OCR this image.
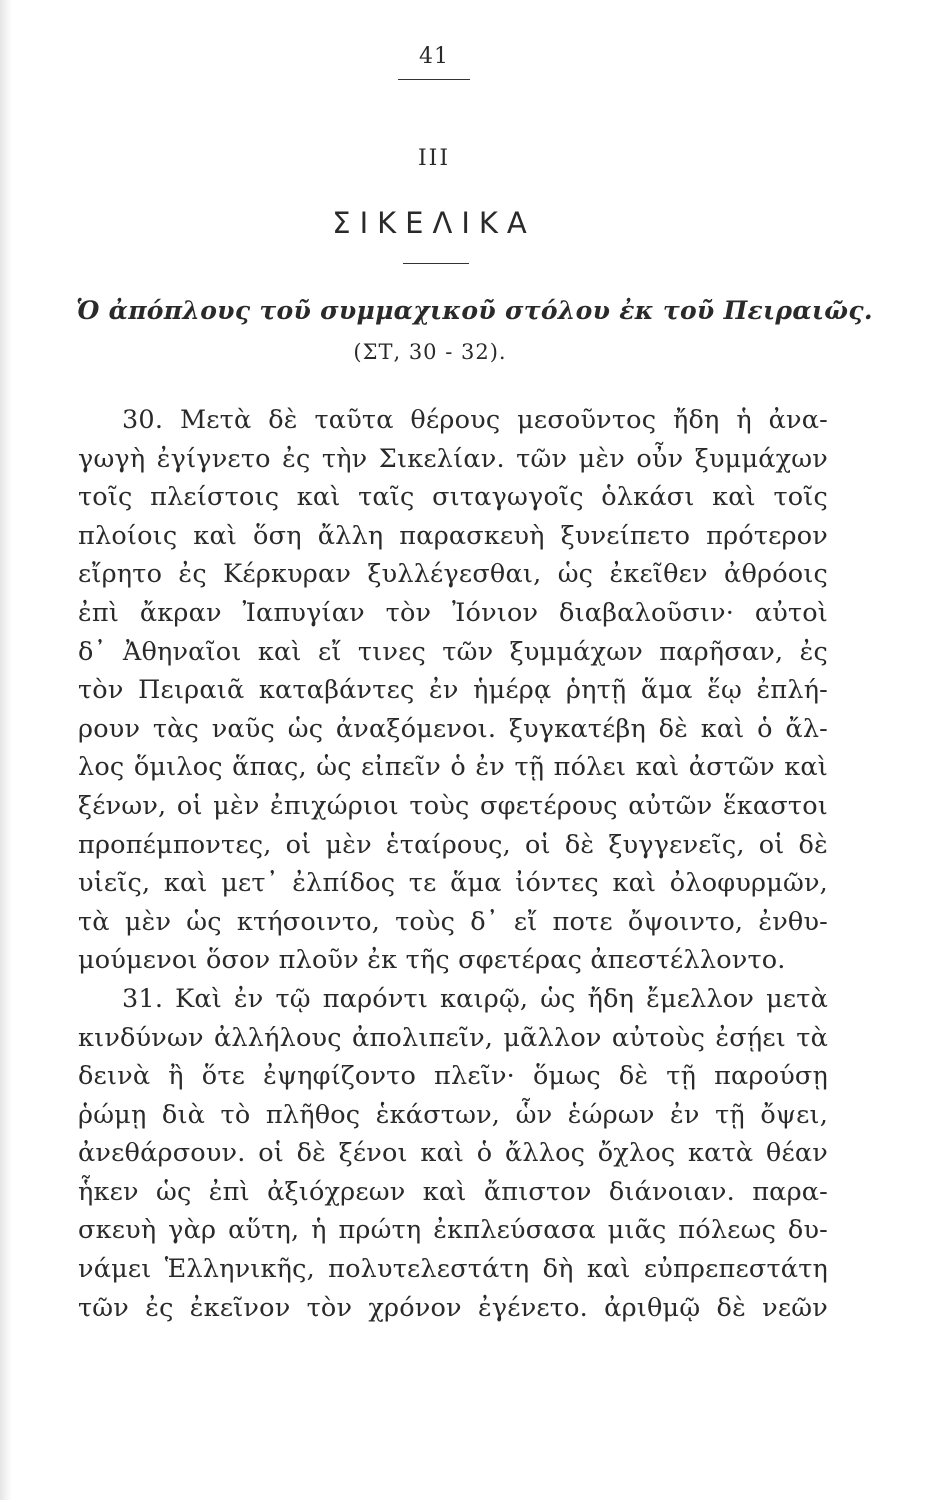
41
III
ΣΙΚΕΛΙΚΑ
Ὁ ἀπόπλους τοῦ συμμαχικοῦ στόλου ἐκ τοῦ Πειραιῶς.
(ΣΤ, 30 - 32).
30. Μετὰ δὲ ταῦτα θέρους μεσοῦντος ἤδη ἡ ἀνα-
γωγὴ ἐγίγνετο ἐς τὴν Σικελίαν. τῶν μὲν οὖν ξυμμάχων
τοῖς πλείστοις καὶ ταῖς σιταγωγοῖς ὁλκάσι καὶ τοῖς
πλοίοις καὶ ὅση ἄλλη παρασκευὴ ξυνείπετο πρότερον
εἴρητο ἐς Κέρκυραν ξυλλέγεσθαι, ὡς ἐκεῖθεν ἀθρόοις
ἐπὶ ἄκραν Ἰαπυγίαν τὸν Ἰόνιον διαβαλοῦσιν· αὐτοὶ
δ᾽ Ἀθηναῖοι καὶ εἴ τινες τῶν ξυμμάχων παρῆσαν, ἐς
τὸν Πειραιᾶ καταβάντες ἐν ἡμέρᾳ ῥητῇ ἅμα ἕῳ ἐπλή-
ρουν τὰς ναῦς ὡς ἀναξόμενοι. ξυγκατέβη δὲ καὶ ὁ ἄλ-
λος ὅμιλος ἅπας, ὡς εἰπεῖν ὁ ἐν τῇ πόλει καὶ ἀστῶν καὶ
ξένων, οἱ μὲν ἐπιχώριοι τοὺς σφετέρους αὐτῶν ἕκαστοι
προπέμποντες, οἱ μὲν ἑταίρους, οἱ δὲ ξυγγενεῖς, οἱ δὲ
υἱεῖς, καὶ μετ᾽ ἐλπίδος τε ἅμα ἰόντες καὶ ὀλοφυρμῶν,
τὰ μὲν ὡς κτήσοιντο, τοὺς δ᾽ εἴ ποτε ὄψοιντο, ἐνθυ-
μούμενοι ὅσον πλοῦν ἐκ τῆς σφετέρας ἀπεστέλλοντο.
31. Καὶ ἐν τῷ παρόντι καιρῷ, ὡς ἤδη ἔμελλον μετὰ
κινδύνων ἀλλήλους ἀπολιπεῖν, μᾶλλον αὐτοὺς ἐσῄει τὰ
δεινὰ ἢ ὅτε ἐψηφίζοντο πλεῖν· ὅμως δὲ τῇ παρούσῃ
ῥώμῃ διὰ τὸ πλῆθος ἑκάστων, ὧν ἑώρων ἐν τῇ ὄψει,
ἀνεθάρσουν. οἱ δὲ ξένοι καὶ ὁ ἄλλος ὄχλος κατὰ θέαν
ἧκεν ὡς ἐπὶ ἀξιόχρεων καὶ ἄπιστον διάνοιαν. παρα-
σκευὴ γὰρ αὕτη, ἡ πρώτη ἐκπλεύσασα μιᾶς πόλεως δυ-
νάμει Ἑλληνικῆς, πολυτελεστάτη δὴ καὶ εὐπρεπεστάτη
τῶν ἐς ἐκεῖνον τὸν χρόνον ἐγένετο. ἀριθμῷ δὲ νεῶν
